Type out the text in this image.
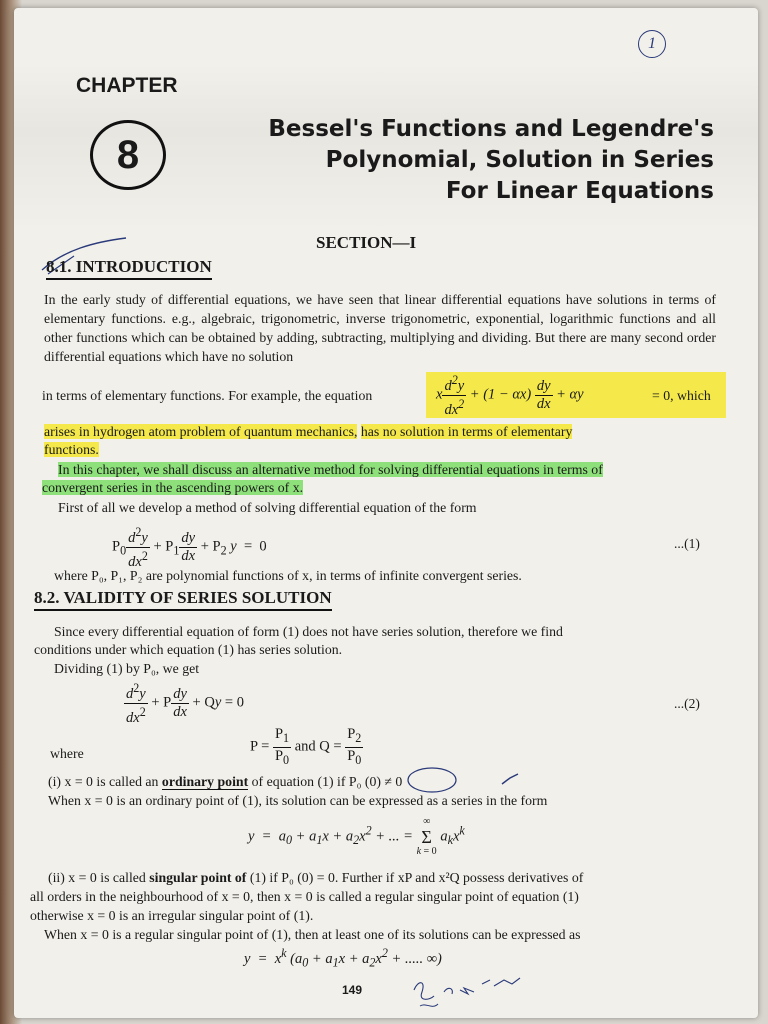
1
CHAPTER
8
Bessel's Functions and Legendre's
Polynomial, Solution in Series
For Linear Equations
SECTION—I
8.1. INTRODUCTION

In the early study of differential equations, we have seen that linear differential equations have solutions in terms of elementary functions. e.g., algebraic, trigonometric, inverse trigonometric, exponential, logarithmic functions and all other functions which can be obtained by adding, subtracting, multiplying and dividing. But there are many second order differential equations which have no solution

in terms of elementary functions. For example, the equation	x $\frac{d^2y}{dx^2} + (1 - \alpha x) \frac{dy}{dx} + \alpha y$	= 0, which

arises in hydrogen atom problem of quantum mechanics, has no solution in terms of elementary

functions.

In this chapter, we shall discuss an alternative method for solving differential equations in terms of

convergent series in the ascending powers of x.

First of all we develop a method of solving differential equation of the form

$P_0 \frac{d^2y}{dx^2} + P_1 \frac{dy}{dx} + P_2$ y  =  0	...(1)

where P₀, P₁, P₂ are polynomial functions of x, in terms of infinite convergent series.

8.2. VALIDITY OF SERIES SOLUTION

Since every differential equation of form (1) does not have series solution, therefore we find

conditions under which equation (1) has series solution.

Dividing (1) by P₀, we get

$\frac{d^2y}{dx^2} + P \frac{dy}{dx} + Qy = 0$	...(2)

where	$P = \frac{P_1}{P_0}$ and $Q = \frac{P_2}{P_0}$

(i) x = 0 is called an ordinary point of equation (1) if P₀ (0) ≠ 0

When x = 0 is an ordinary point of (1), its solution can be expressed as a series in the form

$y = a_0 + a_1x + a_2x^2$ + ... =
∞
Σ
k = 0
$a_kx^k$

(ii) x = 0 is called singular point of (1) if P₀ (0) = 0. Further if xP and x²Q possess derivatives of

all orders in the neighbourhood of x = 0, then x = 0 is called a regular singular point of equation (1)

otherwise x = 0 is an irregular singular point of (1).

When x = 0 is a regular singular point of (1), then at least one of its solutions can be expressed as

$y = x^k$ ($a_0 + a_1x + a_2x^2$ + ..... ∞)
149
